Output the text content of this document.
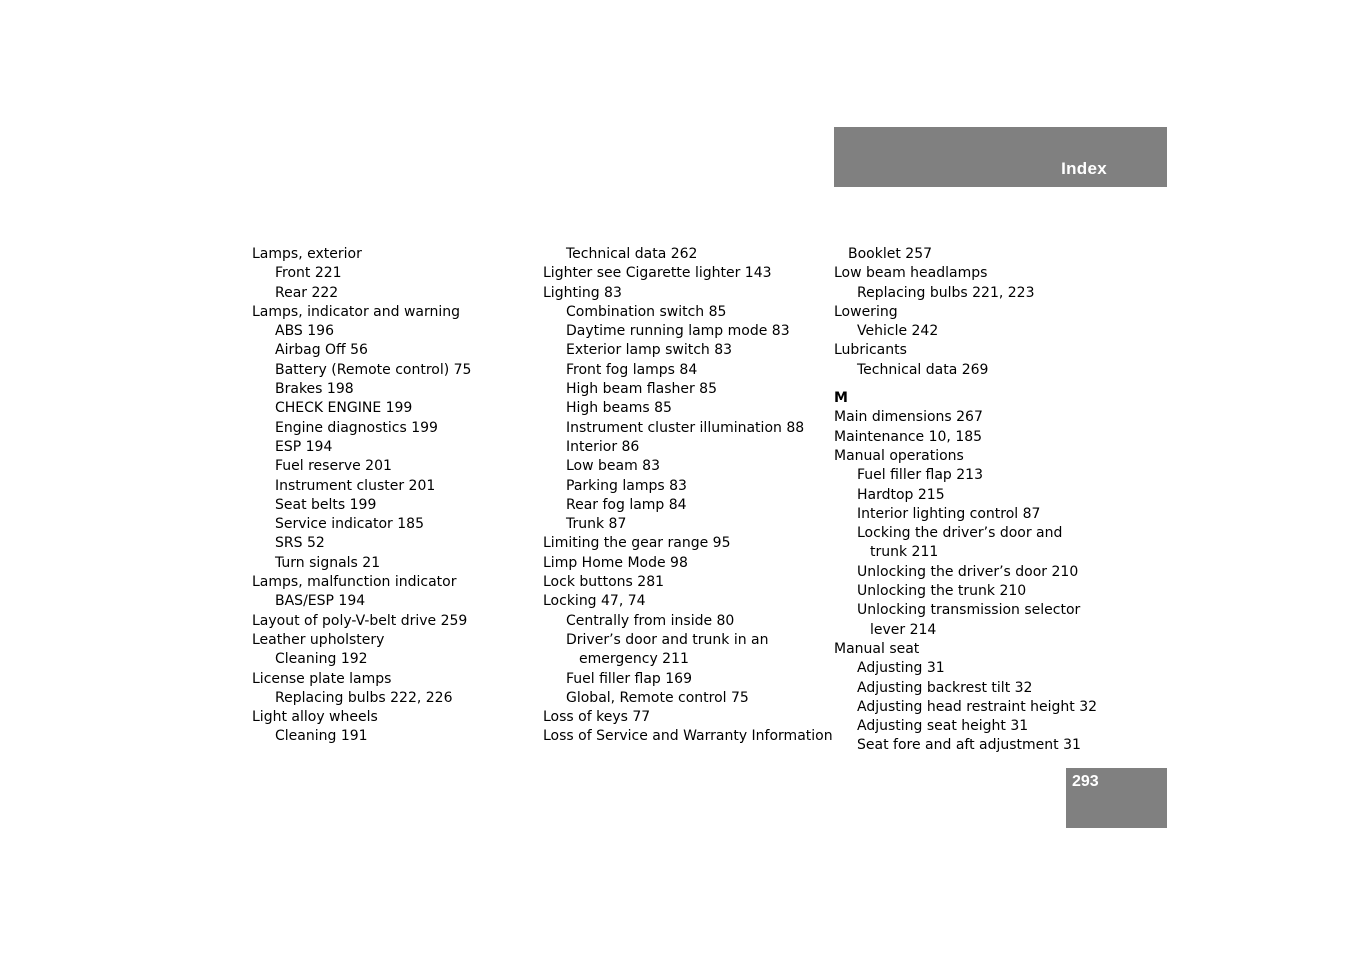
Index
Lamps, exterior
Front 221
Rear 222
Lamps, indicator and warning
ABS 196
Airbag Off 56
Battery (Remote control) 75
Brakes 198
CHECK ENGINE 199
Engine diagnostics 199
ESP 194
Fuel reserve 201
Instrument cluster 201
Seat belts 199
Service indicator 185
SRS 52
Turn signals 21
Lamps, malfunction indicator
BAS/ESP 194
Layout of poly-V-belt drive 259
Leather upholstery
Cleaning 192
License plate lamps
Replacing bulbs 222, 226
Light alloy wheels
Cleaning 191
Technical data 262
Lighter see Cigarette lighter 143
Lighting 83
Combination switch 85
Daytime running lamp mode 83
Exterior lamp switch 83
Front fog lamps 84
High beam flasher 85
High beams 85
Instrument cluster illumination 88
Interior 86
Low beam 83
Parking lamps 83
Rear fog lamp 84
Trunk 87
Limiting the gear range 95
Limp Home Mode 98
Lock buttons 281
Locking 47, 74
Centrally from inside 80
Driver’s door and trunk in an
emergency 211
Fuel filler flap 169
Global, Remote control 75
Loss of keys 77
Loss of Service and Warranty Information
Booklet 257
Low beam headlamps
Replacing bulbs 221, 223
Lowering
Vehicle 242
Lubricants
Technical data 269
M
Main dimensions 267
Maintenance 10, 185
Manual operations
Fuel filler flap 213
Hardtop 215
Interior lighting control 87
Locking the driver’s door and
trunk 211
Unlocking the driver’s door 210
Unlocking the trunk 210
Unlocking transmission selector
lever 214
Manual seat
Adjusting 31
Adjusting backrest tilt 32
Adjusting head restraint height 32
Adjusting seat height 31
Seat fore and aft adjustment 31
293
